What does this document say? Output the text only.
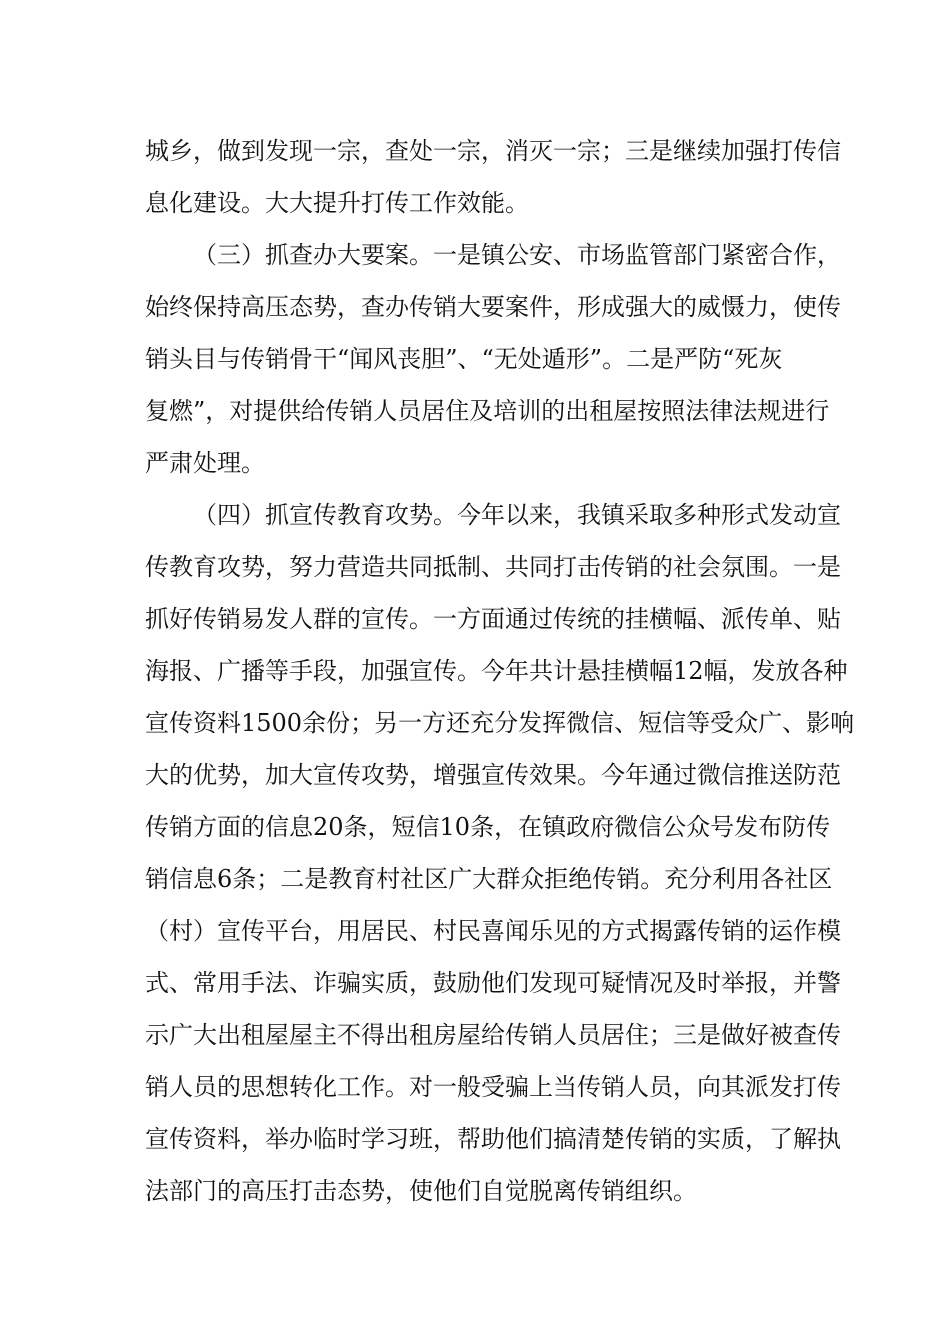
城乡，做到发现一宗，查处一宗，消灭一宗；三是继续加强打传信
息化建设。大大提升打传工作效能。
（三）抓查办大要案。一是镇公安、市场监管部门紧密合作，
始终保持高压态势，查办传销大要案件，形成强大的威慑力，使传
销头目与传销骨干“闻风丧胆”、“无处遁形”。二是严防“死灰
复燃”，对提供给传销人员居住及培训的出租屋按照法律法规进行
严肃处理。
（四）抓宣传教育攻势。今年以来，我镇采取多种形式发动宣
传教育攻势，努力营造共同抵制、共同打击传销的社会氛围。一是
抓好传销易发人群的宣传。一方面通过传统的挂横幅、派传单、贴
海报、广播等手段，加强宣传。今年共计悬挂横幅12幅，发放各种
宣传资料1500余份；另一方还充分发挥微信、短信等受众广、影响
大的优势，加大宣传攻势，增强宣传效果。今年通过微信推送防范
传销方面的信息20条，短信10条，在镇政府微信公众号发布防传
销信息6条；二是教育村社区广大群众拒绝传销。充分利用各社区
（村）宣传平台，用居民、村民喜闻乐见的方式揭露传销的运作模
式、常用手法、诈骗实质，鼓励他们发现可疑情况及时举报，并警
示广大出租屋屋主不得出租房屋给传销人员居住；三是做好被查传
销人员的思想转化工作。对一般受骗上当传销人员，向其派发打传
宣传资料，举办临时学习班，帮助他们搞清楚传销的实质，了解执
法部门的高压打击态势，使他们自觉脱离传销组织。
